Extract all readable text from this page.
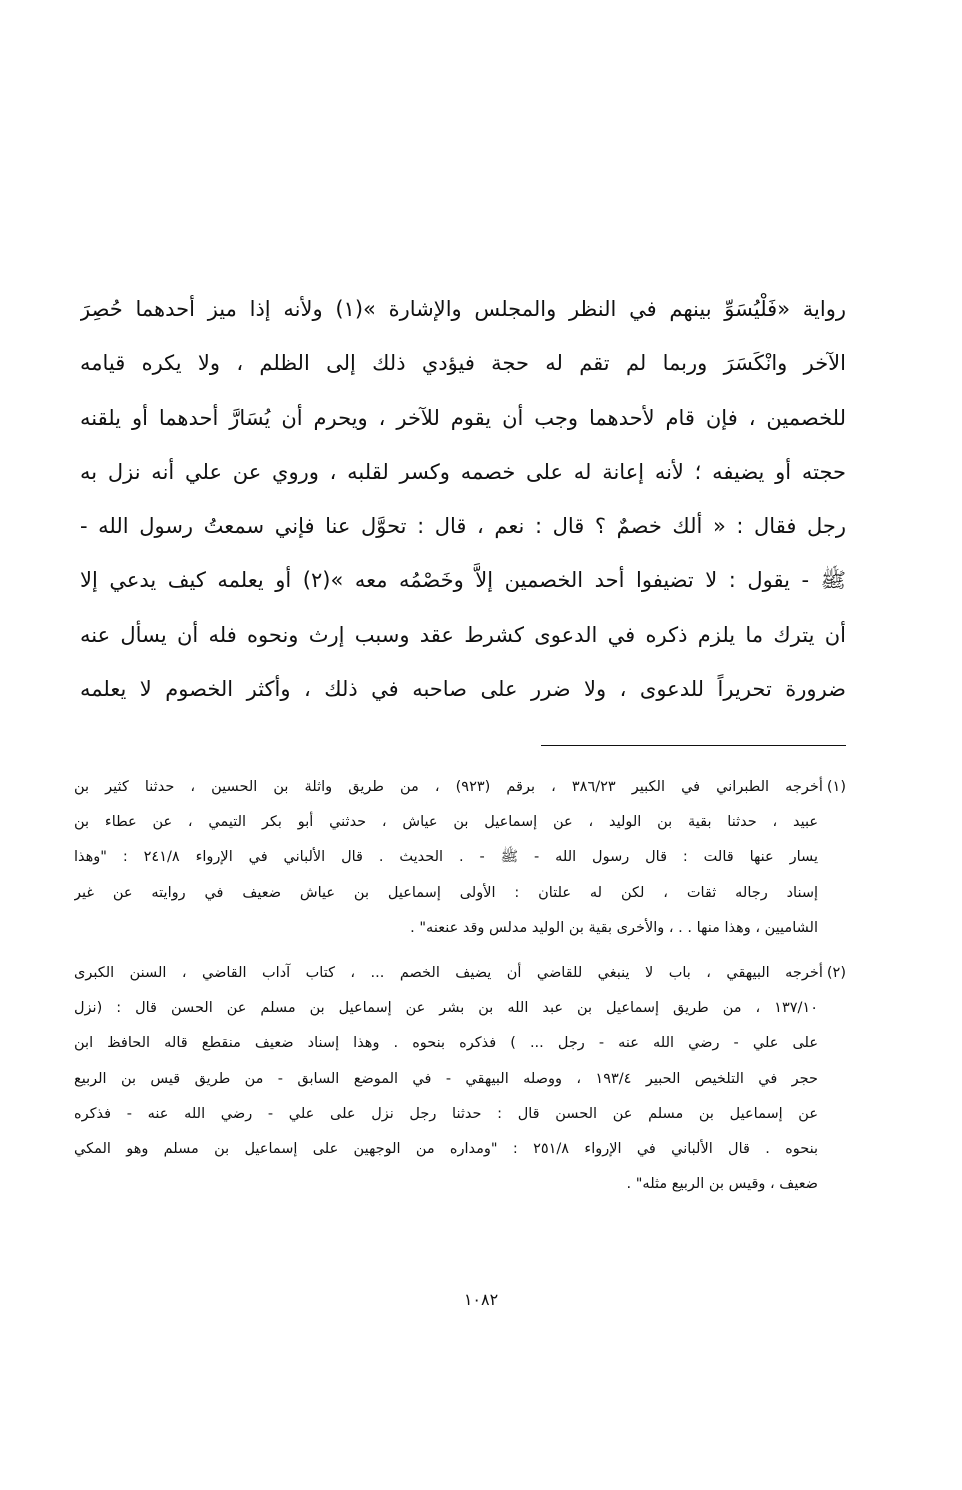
رواية «فَلْيُسَوِّ بينهم في النظر والمجلس والإشارة »(١) ولأنه إذا ميز أحدهما حُصِرَ
الآخر وانْكَسَرَ وربما لم تقم له حجة فيؤدي ذلك إلى الظلم ، ولا يكره قيامه
للخصمين ، فإن قام لأحدهما وجب أن يقوم للآخر ، ويحرم أن يُسَارَّ أحدهما أو يلقنه
حجته أو يضيفه ؛ لأنه إعانة له على خصمه وكسر لقلبه ، وروي عن علي أنه نزل به
رجل فقال : « ألك خصمٌ ؟ قال : نعم ، قال : تحوَّل عنا فإني سمعتُ رسول الله -
ﷺ - يقول : لا تضيفوا أحد الخصمين إلاَّ وخَصْمُه معه »(٢) أو يعلمه كيف يدعي إلا
أن يترك ما يلزم ذكره في الدعوى كشرط عقد وسبب إرث ونحوه فله أن يسأل عنه
ضرورة تحريراً للدعوى ، ولا ضرر على صاحبه في ذلك ، وأكثر الخصوم لا يعلمه
(١)أخرجه الطبراني في الكبير ٣٨٦/٢٣ ، برقم (٩٢٣) ، من طريق واثلة بن الحسين ، حدثنا كثير بن
عبيد ، حدثنا بقية بن الوليد ، عن إسماعيل بن عياش ، حدثني أبو بكر التيمي ، عن عطاء بن
يسار عنها قالت : قال رسول الله - ﷺ - . الحديث . قال الألباني في الإرواء ٢٤١/٨ : "وهذا
إسناد رجاله ثقات ، لكن له علتان : الأولى إسماعيل بن عياش ضعيف في روايته عن غير
الشاميين ، وهذا منها . . ، والأخرى بقية بن الوليد مدلس وقد عنعنه" .
(٢)أخرجه البيهقي ، باب لا ينبغي للقاضي أن يضيف الخصم ... ، كتاب آداب القاضي ، السنن الكبرى
١٣٧/١٠ ، من طريق إسماعيل بن عبد الله بن بشر عن إسماعيل بن مسلم عن الحسن قال : (نزل
على علي - رضي الله عنه - رجل ... ) فذكره بنحوه . وهذا إسناد ضعيف منقطع قاله الحافظ ابن
حجر في التلخيص الحبير ١٩٣/٤ ، ووصله البيهقي - في الموضع السابق - من طريق قيس بن الربيع
عن إسماعيل بن مسلم عن الحسن قال : حدثنا رجل نزل على علي - رضي الله عنه - فذكره
بنحوه . قال الألباني في الإرواء ٢٥١/٨ : "ومداره من الوجهين على إسماعيل بن مسلم وهو المكي
ضعيف ، وقيس بن الربيع مثله" .
١٠٨٢
